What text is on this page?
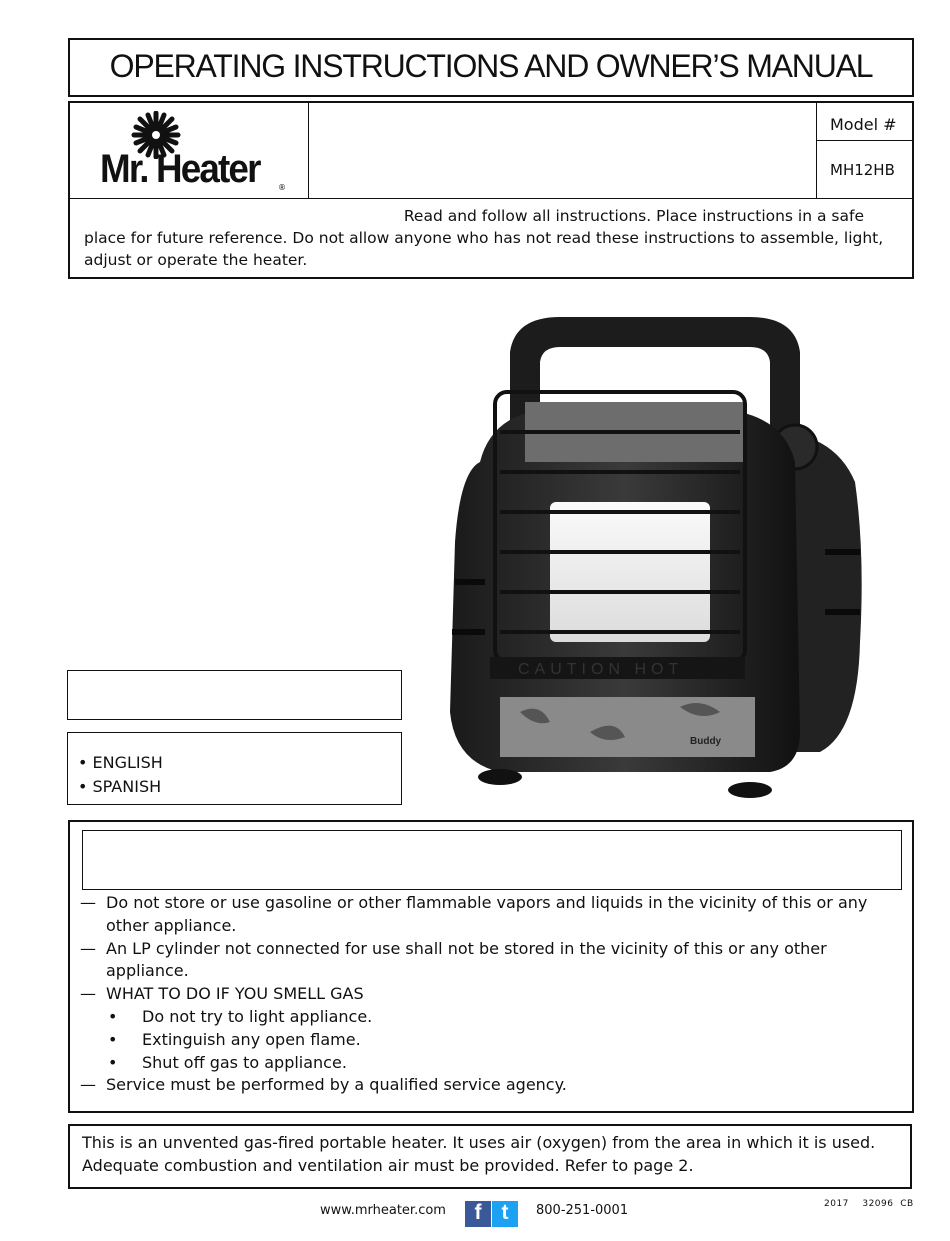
OPERATING INSTRUCTIONS AND OWNER’S MANUAL
Mr. Heater ®
Model #
MH12HB
Read and follow all instructions. Place instructions in a safe
place for future reference. Do not allow anyone who has not read these instructions to assemble, light, adjust or operate the heater.
CAUTION HOT
Buddy
• ENGLISH
• SPANISH
— Do not store or use gasoline or other flammable vapors and liquids in the vicinity of this or any other appliance.
— An LP cylinder not connected for use shall not be stored in the vicinity of this or any other appliance.
— WHAT TO DO IF YOU SMELL GAS
• Do not try to light appliance.
• Extinguish any open flame.
• Shut off gas to appliance.
— Service must be performed by a qualified service agency.
This is an unvented gas-fired portable heater. It uses air (oxygen) from the area in which it is used.
Adequate combustion and ventilation air must be provided. Refer to page 2.
www.mrheater.com	f t	800-251-0001	2017    32096  CB
